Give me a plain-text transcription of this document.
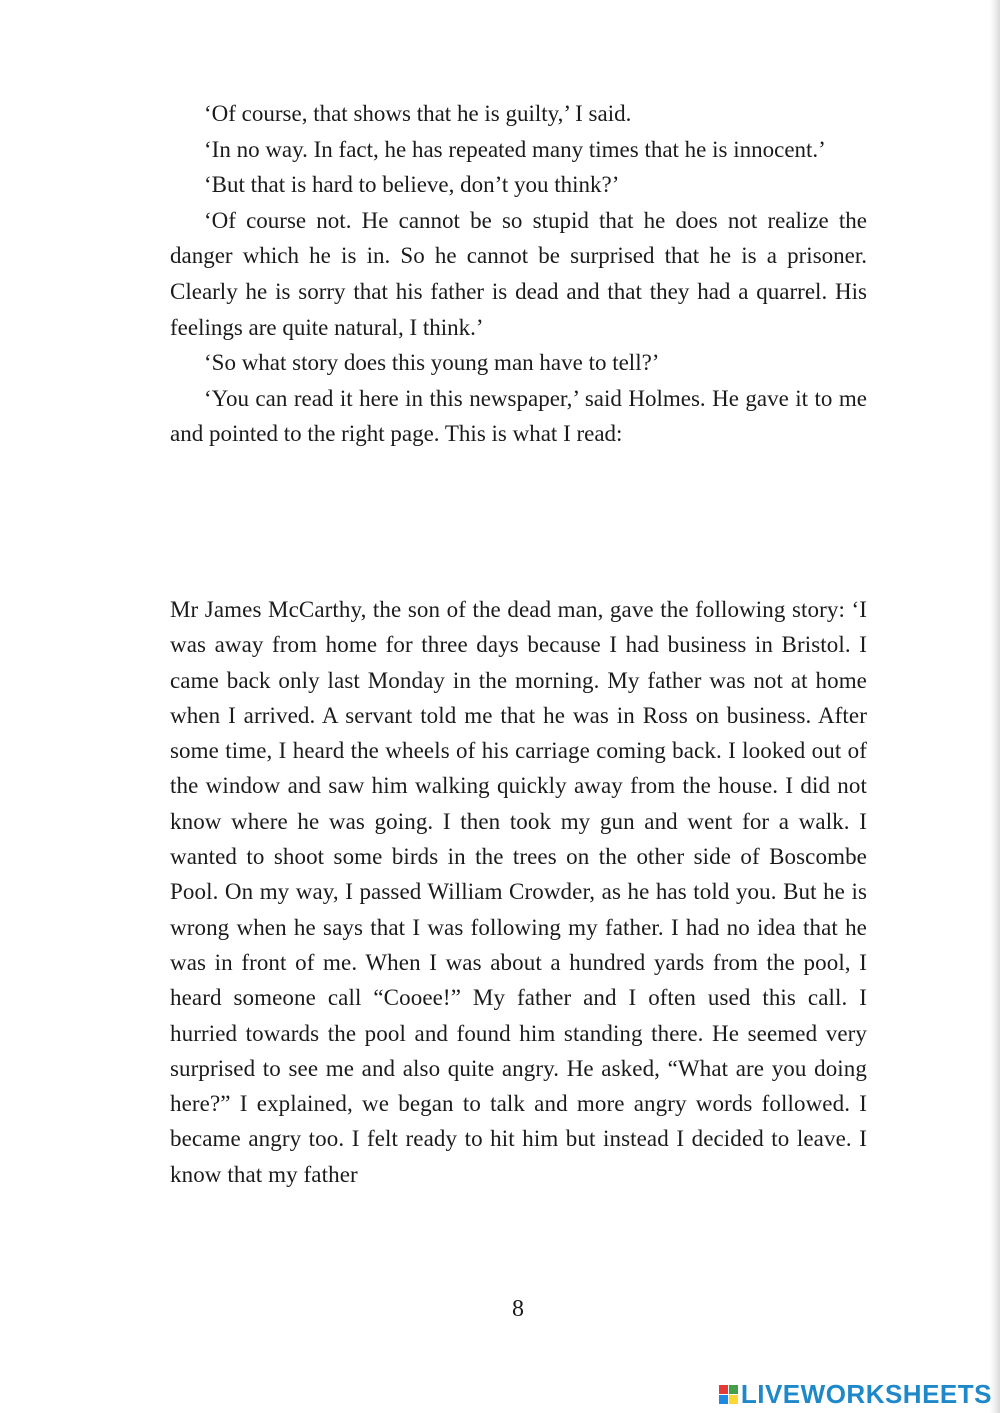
‘Of course, that shows that he is guilty,’ I said.

‘In no way. In fact, he has repeated many times that he is innocent.’

‘But that is hard to believe, don’t you think?’

‘Of course not. He cannot be so stupid that he does not realize the danger which he is in. So he cannot be surprised that he is a prisoner. Clearly he is sorry that his father is dead and that they had a quarrel. His feelings are quite natural, I think.’

‘So what story does this young man have to tell?’

‘You can read it here in this newspaper,’ said Holmes. He gave it to me and pointed to the right page. This is what I read:

Mr James McCarthy, the son of the dead man, gave the following story: ‘I was away from home for three days because I had business in Bristol. I came back only last Monday in the morning. My father was not at home when I arrived. A servant told me that he was in Ross on business. After some time, I heard the wheels of his carriage coming back. I looked out of the window and saw him walking quickly away from the house. I did not know where he was going. I then took my gun and went for a walk. I wanted to shoot some birds in the trees on the other side of Boscombe Pool. On my way, I passed William Crowder, as he has told you. But he is wrong when he says that I was following my father. I had no idea that he was in front of me. When I was about a hundred yards from the pool, I heard someone call “Cooee!” My father and I often used this call. I hurried towards the pool and found him standing there. He seemed very surprised to see me and also quite angry. He asked, “What are you doing here?” I explained, we began to talk and more angry words followed. I became angry too. I felt ready to hit him but instead I decided to leave. I know that my father

8
LIVEWORKSHEETS
